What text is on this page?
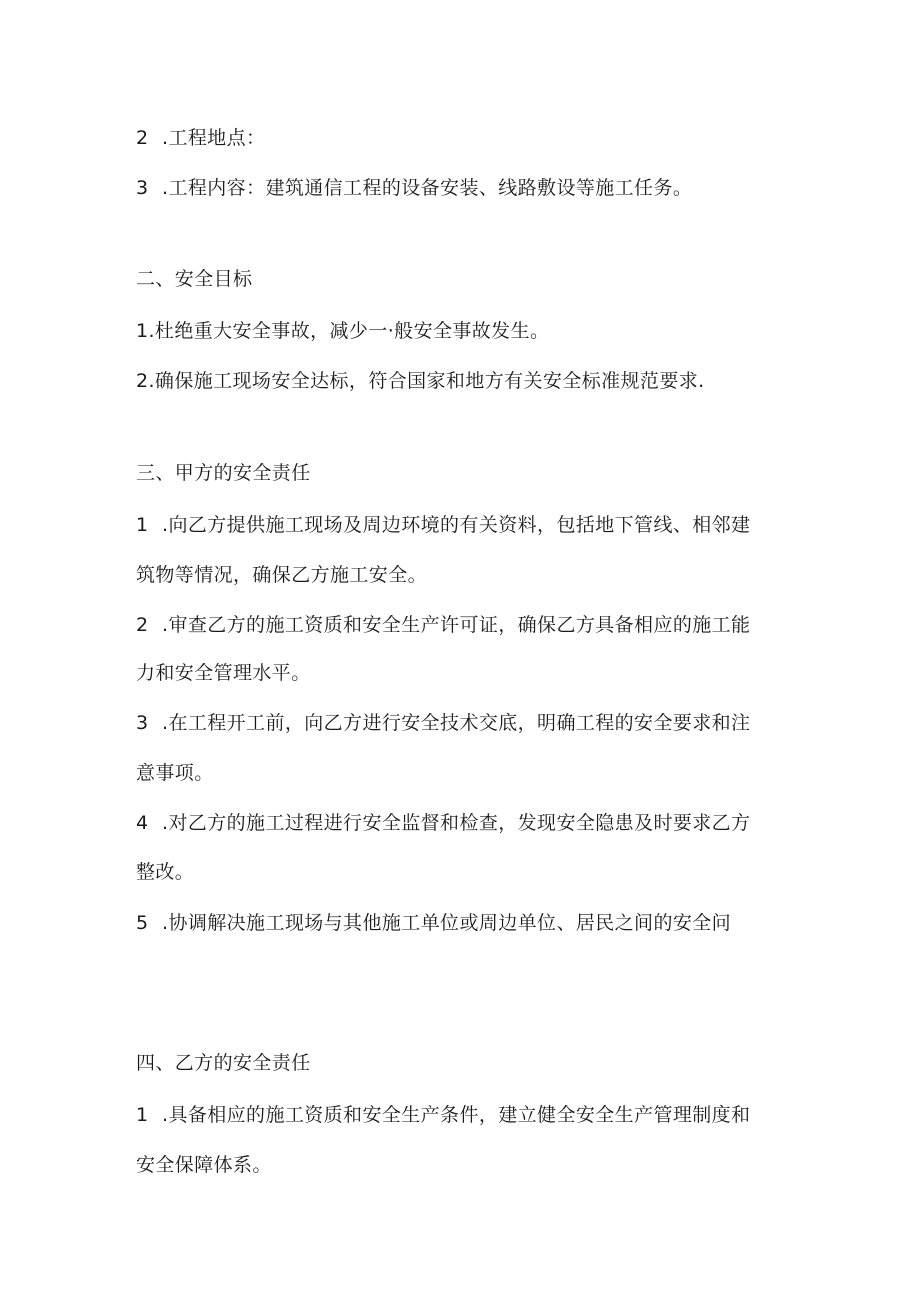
2 .工程地点：
3 .工程内容：建筑通信工程的设备安装、线路敷设等施工任务。
二、安全目标
1.杜绝重大安全事故，减少一·般安全事故发生。
2.确保施工现场安全达标，符合国家和地方有关安全标准规范要求.
三、甲方的安全责任
1 .向乙方提供施工现场及周边环境的有关资料，包括地下管线、相邻建
筑物等情况，确保乙方施工安全。
2 .审查乙方的施工资质和安全生产许可证，确保乙方具备相应的施工能
力和安全管理水平。
3 .在工程开工前，向乙方进行安全技术交底，明确工程的安全要求和注
意事项。
4 .对乙方的施工过程进行安全监督和检查，发现安全隐患及时要求乙方
整改。
5 .协调解决施工现场与其他施工单位或周边单位、居民之间的安全问
四、乙方的安全责任
1 .具备相应的施工资质和安全生产条件，建立健全安全生产管理制度和
安全保障体系。
